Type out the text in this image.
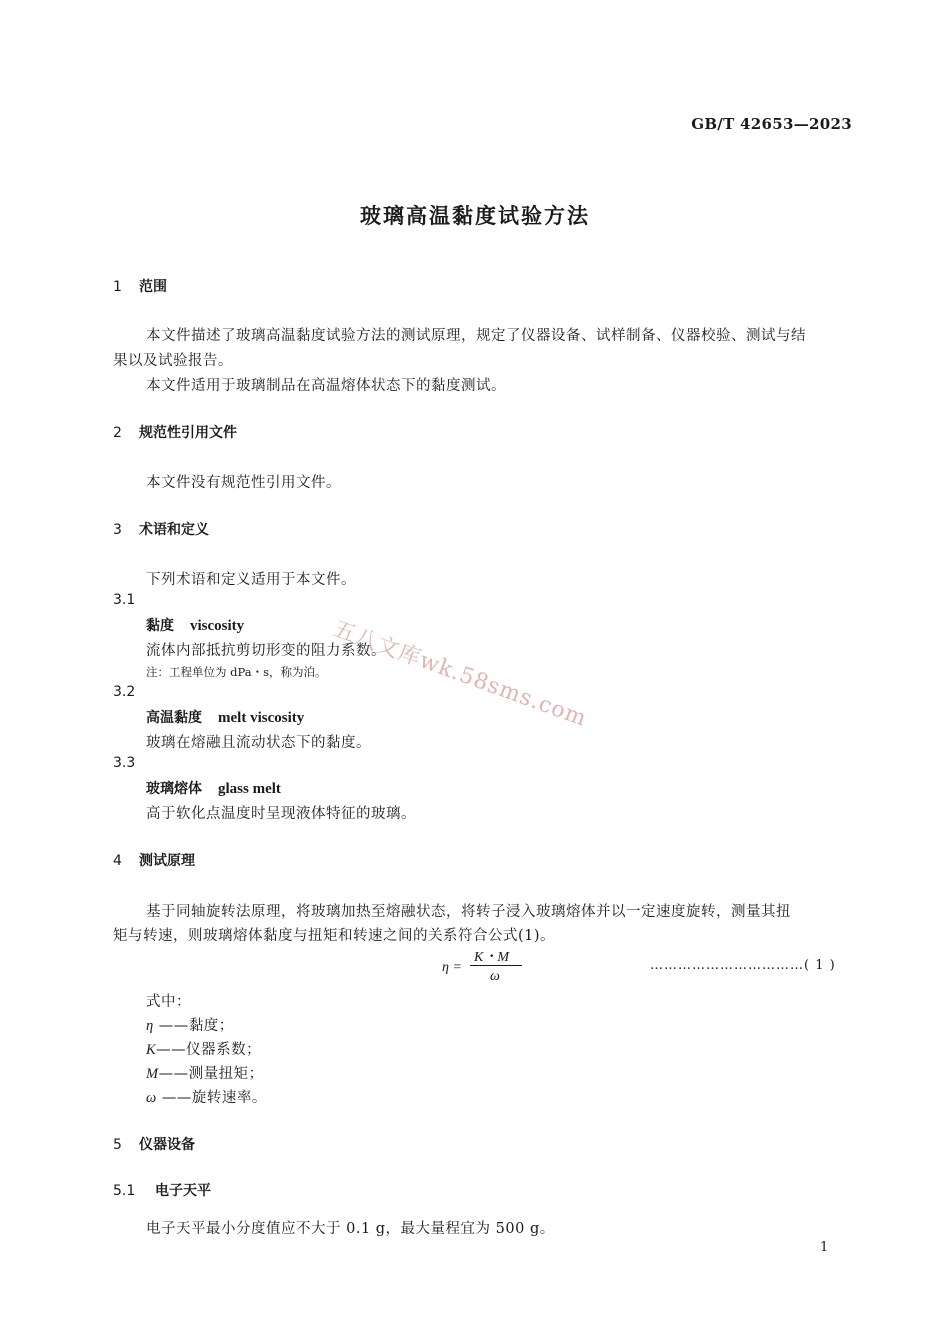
GB/T 42653—2023
玻璃高温黏度试验方法
1 范围
本文件描述了玻璃高温黏度试验方法的测试原理，规定了仪器设备、试样制备、仪器校验、测试与结
果以及试验报告。
本文件适用于玻璃制品在高温熔体状态下的黏度测试。
2 规范性引用文件
本文件没有规范性引用文件。
3 术语和定义
下列术语和定义适用于本文件。
3.1
黏度 viscosity
流体内部抵抗剪切形变的阻力系数。
注：工程单位为 dPa・s，称为泊。
3.2
高温黏度 melt viscosity
玻璃在熔融且流动状态下的黏度。
3.3
玻璃熔体 glass melt
高于软化点温度时呈现液体特征的玻璃。
4 测试原理
基于同轴旋转法原理，将玻璃加热至熔融状态，将转子浸入玻璃熔体并以一定速度旋转，测量其扭
矩与转速，则玻璃熔体黏度与扭矩和转速之间的关系符合公式(1)。
η =
K・M
ω
……………………………( 1 )
式中：
η ——黏度；
K——仪器系数；
M——测量扭矩；
ω ——旋转速率。
5 仪器设备
5.1 电子天平
电子天平最小分度值应不大于 0.1 g，最大量程宜为 500 g。
五八文库wk.58sms.com
1
